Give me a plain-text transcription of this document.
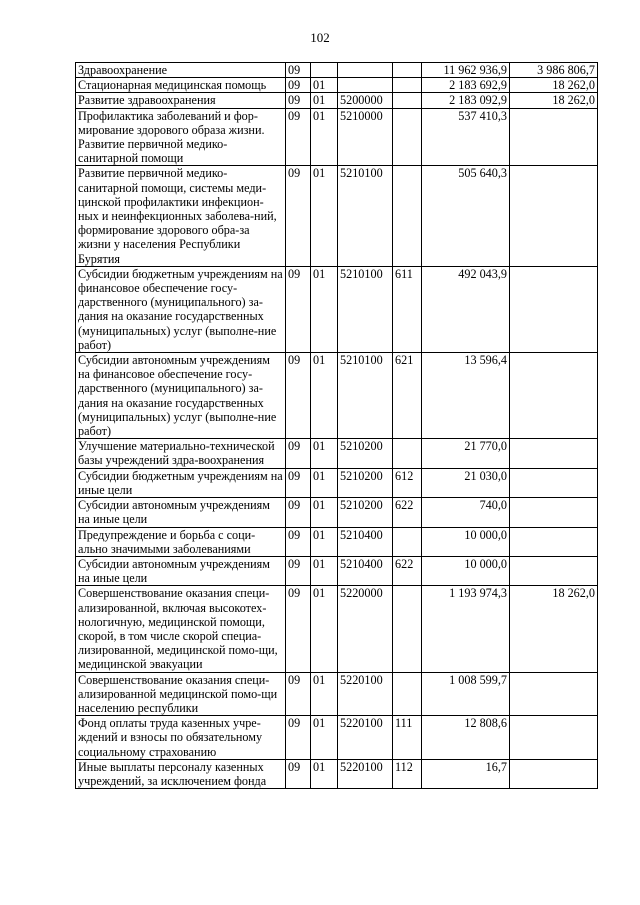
102
Здравоохранение	09				11 962 936,9	3 986 806,7
Стационарная медицинская помощь	09	01			2 183 692,9	18 262,0
Развитие здравоохранения	09	01	5200000		2 183 092,9	18 262,0
Профилактика заболеваний и фор-мирование здорового образа жизни. Развитие первичной медико-санитарной помощи	09	01	5210000		537 410,3	
Развитие первичной медико-санитарной помощи, системы меди-цинской профилактики инфекцион-ных и неинфекционных заболева-ний, формирование здорового обра-за жизни у населения Республики Бурятия	09	01	5210100		505 640,3	
Субсидии бюджетным учреждениям на финансовое обеспечение госу-дарственного (муниципального) за-дания на оказание государственных (муниципальных) услуг (выполне-ние работ)	09	01	5210100	611	492 043,9	
Субсидии автономным учреждениям на финансовое обеспечение госу-дарственного (муниципального) за-дания на оказание государственных (муниципальных) услуг (выполне-ние работ)	09	01	5210100	621	13 596,4	
Улучшение материально-технической базы учреждений здра-воохранения	09	01	5210200		21 770,0	
Субсидии бюджетным учреждениям на иные цели	09	01	5210200	612	21 030,0	
Субсидии автономным учреждениям на иные цели	09	01	5210200	622	740,0	
Предупреждение и борьба с соци-ально значимыми заболеваниями	09	01	5210400		10 000,0	
Субсидии автономным учреждениям на иные цели	09	01	5210400	622	10 000,0	
Совершенствование оказания специ-ализированной, включая высокотех-нологичную, медицинской помощи, скорой, в том числе скорой специа-лизированной, медицинской помо-щи, медицинской эвакуации	09	01	5220000		1 193 974,3	18 262,0
Совершенствование оказания специ-ализированной медицинской помо-щи населению республики	09	01	5220100		1 008 599,7	
Фонд оплаты труда казенных учре-ждений и взносы по обязательному социальному страхованию	09	01	5220100	111	12 808,6	
Иные выплаты персоналу казенных учреждений, за исключением фонда	09	01	5220100	112	16,7	
